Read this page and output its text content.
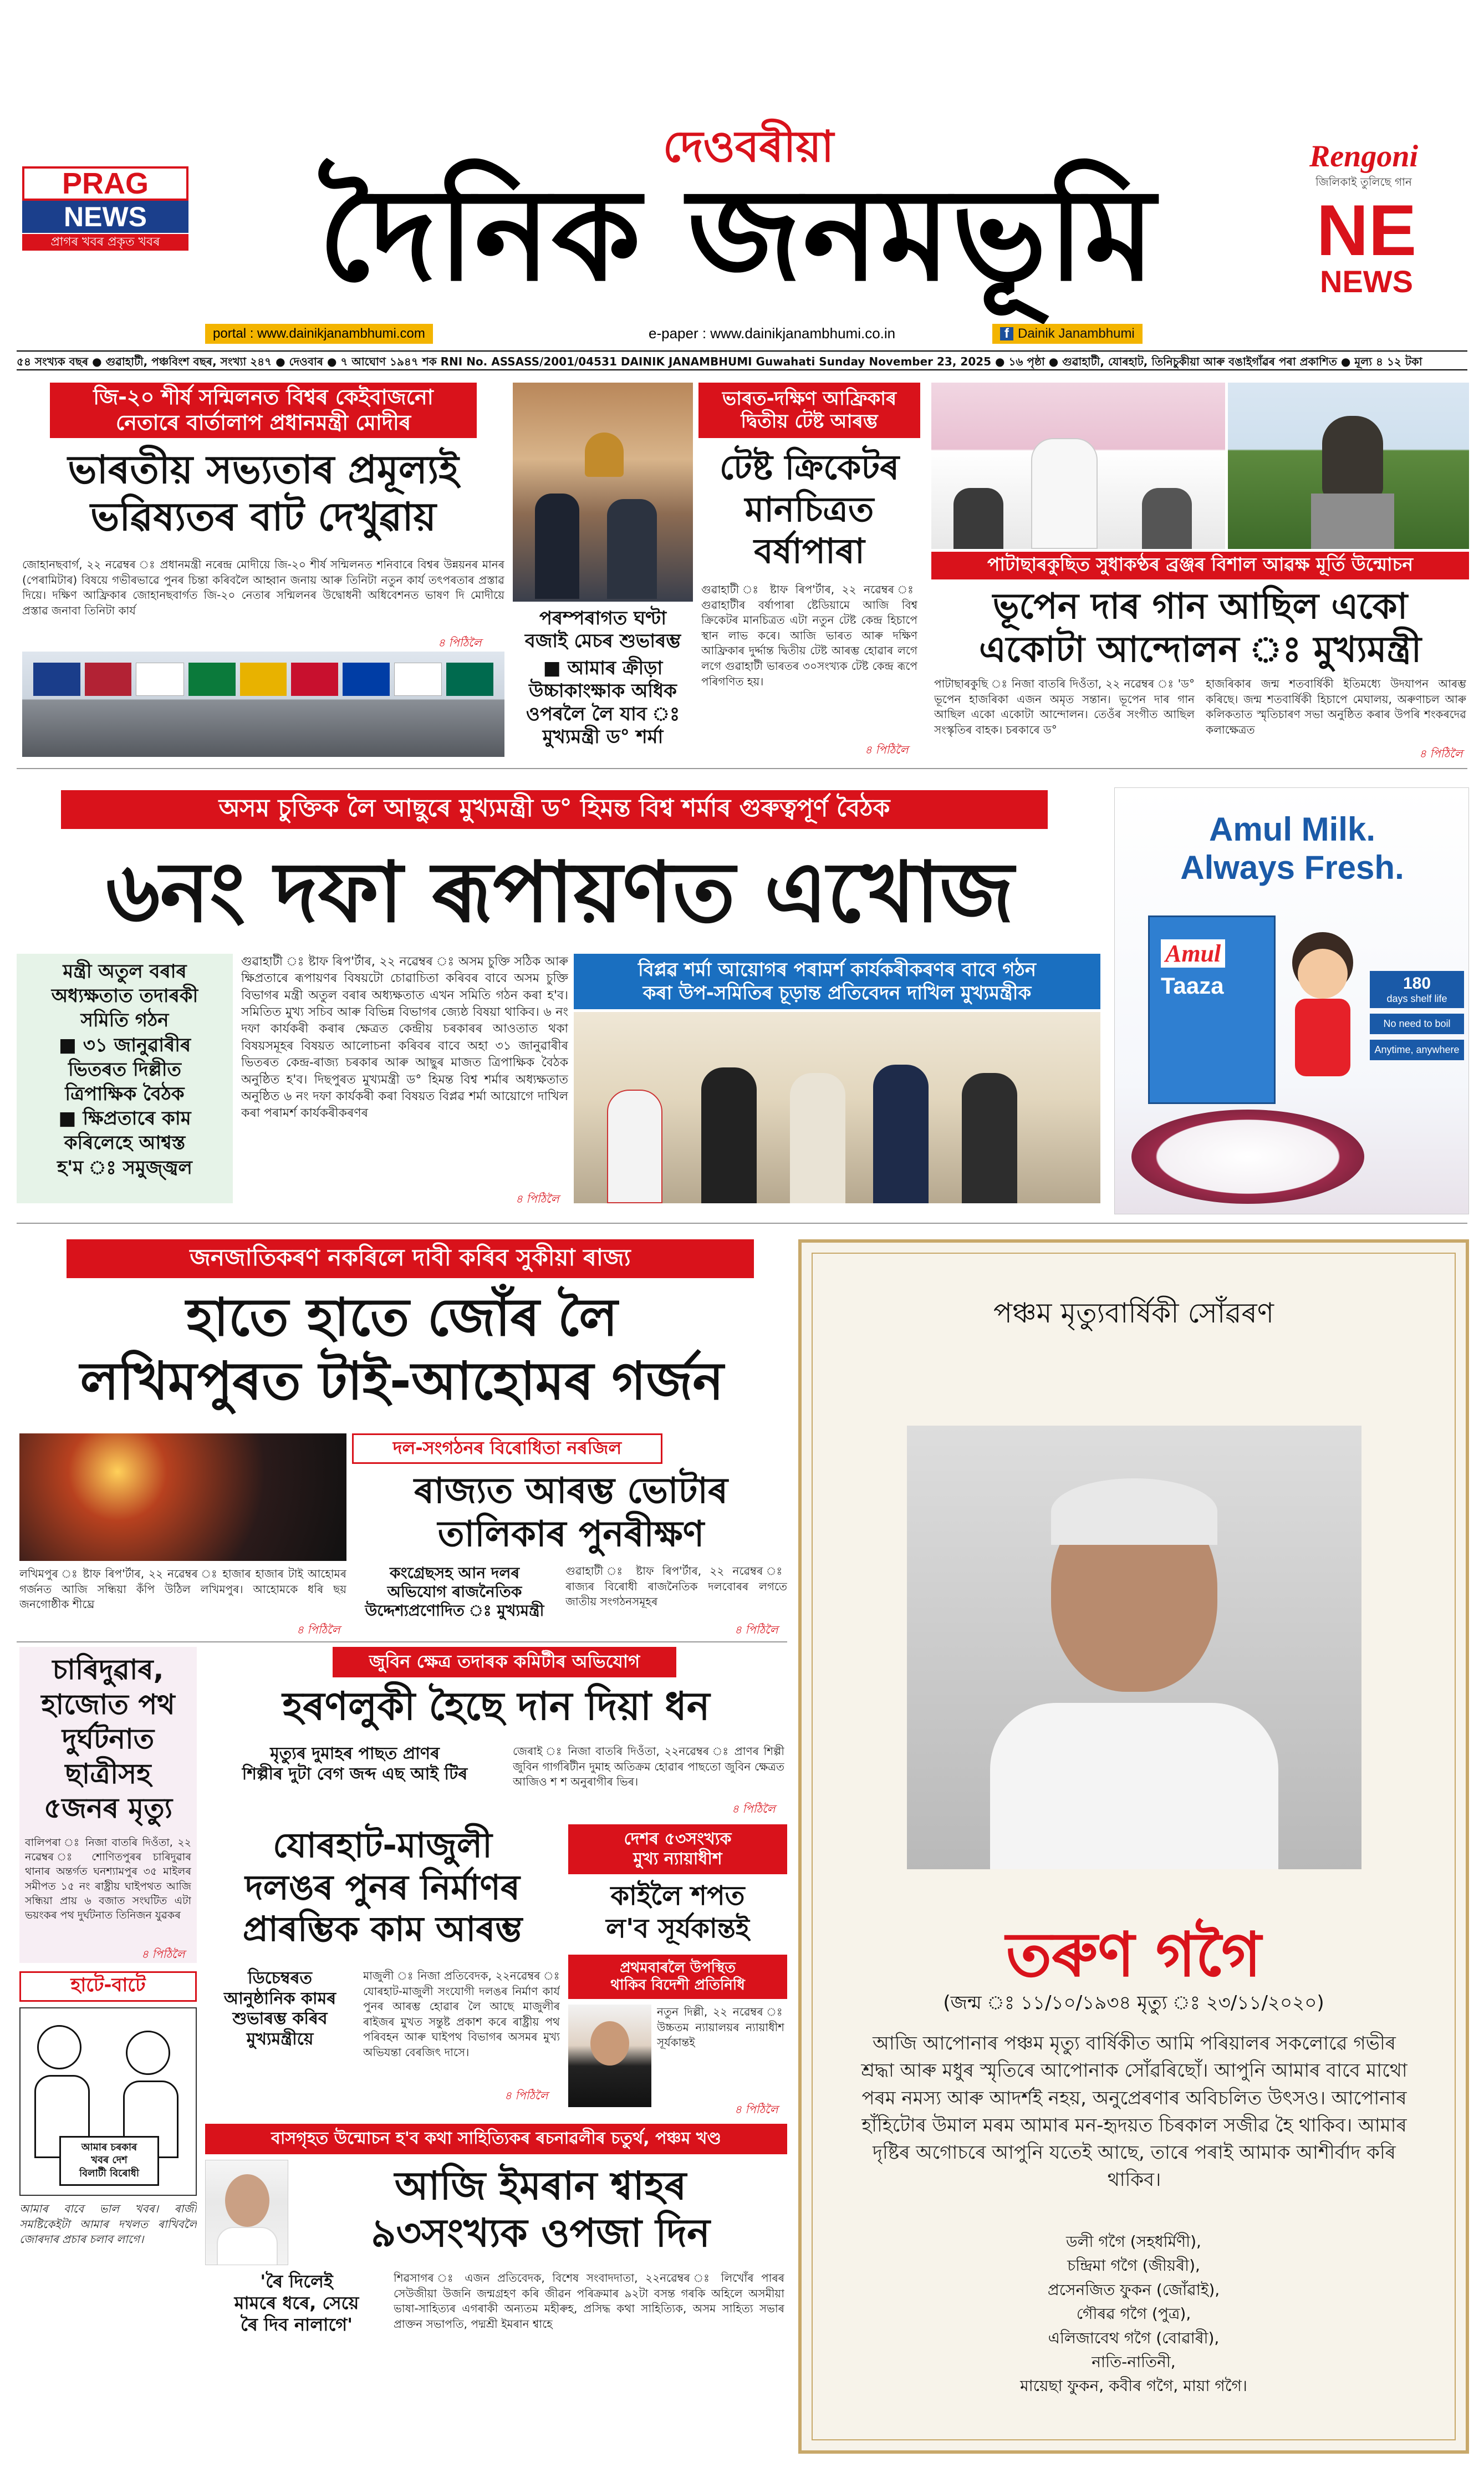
PRAG
NEWS
প্ৰাগৰ খবৰ প্ৰকৃত খবৰ
দেওবৰীয়া
দৈনিক জনমভূমি
Rengoni
জিলিকাই তুলিছে গান
NE
NEWS
portal : www.dainikjanambhumi.com	e-paper : www.dainikjanambhumi.co.in	f Dainik Janambhumi
৫৪ সংখ্যক বছৰ ● গুৱাহাটী, পঞ্চবিংশ বছৰ, সংখ্যা ২৪৭ ● দেওবাৰ ● ৭ আঘোণ ১৯৪৭ শক RNI No. ASSASS/2001/04531 DAINIK JANAMBHUMI Guwahati Sunday November 23, 2025 ● ১৬ পৃষ্ঠা ● গুৱাহাটী, যোৰহাট, তিনিচুকীয়া আৰু বঙাইগাঁৱৰ পৰা প্ৰকাশিত ● মূল্য ৪ ১২ টকা
জি-২০ শীৰ্ষ সন্মিলনত বিশ্বৰ কেইবাজনো
নেতাৰে বাৰ্তালাপ প্ৰধানমন্ত্ৰী মোদীৰ
ভাৰতীয় সভ্যতাৰ প্ৰমূল্যই
ভৱিষ্যতৰ বাট দেখুৱায়
জোহানছবাৰ্গ, ২২ নৱেম্বৰ ঃ প্ৰধানমন্ত্ৰী নৰেন্দ্ৰ মোদীয়ে জি-২০ শীৰ্ষ সন্মিলনত শনিবাৰে বিশ্বৰ উন্নয়নৰ মানৰ (পেৰামিটাৰ) বিষয়ে গভীৰভাৱে পুনৰ চিন্তা কৰিবলৈ আহ্বান জনায় আৰু তিনিটা নতুন কাৰ্য তৎপৰতাৰ প্ৰস্তাৱ দিয়ে। দক্ষিণ আফ্ৰিকাৰ জোহানছবাৰ্গত জি-২০ নেতাৰ সন্মিলনৰ উদ্বোধনী অধিবেশনত ভাষণ দি মোদীয়ে প্ৰস্তাৱ জনাবা তিনিটা কাৰ্য
৪ পিঠিলৈ
পৰম্পৰাগত ঘণ্টা
বজাই মেচৰ শুভাৰম্ভ
■ আমাৰ ক্ৰীড়া
উচ্চাকাংক্ষাক অধিক
ওপৰলৈ লৈ যাব ঃ
মুখ্যমন্ত্ৰী ড° শৰ্মা
ভাৰত-দক্ষিণ আফ্ৰিকাৰ
দ্বিতীয় টেষ্ট আৰম্ভ
টেষ্ট ক্ৰিকেটৰ
মানচিত্ৰত
বৰ্ষাপাৰা
গুৱাহাটী ঃ ষ্টাফ ৰিপ'ৰ্টাৰ, ২২ নৱেম্বৰ ঃ গুৱাহাটীৰ বৰ্ষাপাৰা ষ্টেডিয়ামে আজি বিশ্ব ক্ৰিকেটৰ মানচিত্ৰত এটা নতুন টেষ্ট কেন্দ্ৰ হিচাপে স্থান লাভ কৰে। আজি ভাৰত আৰু দক্ষিণ আফ্ৰিকাৰ দুৰ্দ্দান্ত দ্বিতীয় টেষ্ট আৰম্ভ হোৱাৰ লগে লগে গুৱাহাটী ভাৰতৰ ৩০সংখ্যক টেষ্ট কেন্দ্ৰ ৰূপে পৰিগণিত হয়।
৪ পিঠিলৈ
পাটাছাৰকুছিত সুধাকণ্ঠৰ ব্ৰঞ্জৰ বিশাল আৱক্ষ মূৰ্তি উন্মোচন
ভূপেন দাৰ গান আছিল একো
একোটা আন্দোলন ঃ মুখ্যমন্ত্ৰী
পাটাছাৰকুছি ঃ নিজা বাতৰি দিওঁতা, ২২ নৱেম্বৰ ঃ 'ড° ভূপেন হাজৰিকা এজন অমৃত সন্তান। ভূপেন দাৰ গান আছিল একো একোটা আন্দোলন। তেওঁৰ সংগীত আছিল সংস্কৃতিৰ বাহক। চৰকাৰে ড°
হাজৰিকাৰ জন্ম শতবাৰ্ষিকী ইতিমধ্যে উদযাপন আৰম্ভ কৰিছে। জন্ম শতবাৰ্ষিকী হিচাপে মেঘালয়, অৰুণাচল আৰু কলিকতাত স্মৃতিচাৰণ সভা অনুষ্ঠিত কৰাৰ উপৰি শংকৰদেৱ কলাক্ষেত্ৰত
৪ পিঠিলৈ
অসম চুক্তিক লৈ আছুৰে মুখ্যমন্ত্ৰী ড° হিমন্ত বিশ্ব শৰ্মাৰ গুৰুত্বপূৰ্ণ বৈঠক
৬নং দফা ৰূপায়ণত এখোজ
মন্ত্ৰী অতুল বৰাৰ
অধ্যক্ষতাত তদাৰকী
সমিতি গঠন
■ ৩১ জানুৱাৰীৰ
ভিতৰত দিল্লীত
ত্ৰিপাক্ষিক বৈঠক
■ ক্ষিপ্ৰতাৰে কাম
কৰিলেহে আশ্বস্ত
হ'ম ঃ সমুজ্জ্বল
গুৱাহাটী ঃ ষ্টাফ ৰিপ'ৰ্টাৰ, ২২ নৱেম্বৰ ঃ অসম চুক্তি সঠিক আৰু ক্ষিপ্ৰতাৰে ৰূপায়ণৰ বিষয়টো চোৱাচিতা কৰিবৰ বাবে অসম চুক্তি বিভাগৰ মন্ত্ৰী অতুল বৰাৰ অধ্যক্ষতাত এখন সমিতি গঠন কৰা হ'ব। সমিতিত মুখ্য সচিব আৰু বিভিন্ন বিভাগৰ জ্যেষ্ঠ বিষয়া থাকিব। ৬ নং দফা কাৰ্যকৰী কৰাৰ ক্ষেত্ৰত কেন্দ্ৰীয় চৰকাৰৰ আওতাত থকা বিষয়সমূহৰ বিষয়ত আলোচনা কৰিবৰ বাবে অহা ৩১ জানুৱাৰীৰ ভিতৰত কেন্দ্ৰ-ৰাজ্য চৰকাৰ আৰু আছুৰ মাজত ত্ৰিপাক্ষিক বৈঠক অনুষ্ঠিত হ'ব। দিছপুৰত মুখ্যমন্ত্ৰী ড° হিমন্ত বিশ্ব শৰ্মাৰ অধ্যক্ষতাত অনুষ্ঠিত ৬ নং দফা কাৰ্যকৰী কৰা বিষয়ত বিপ্লৱ শৰ্মা আয়োগে দাখিল কৰা পৰামৰ্শ কাৰ্যকৰীকৰণৰ
৪ পিঠিলৈ
বিপ্লৱ শৰ্মা আয়োগৰ পৰামৰ্শ কাৰ্যকৰীকৰণৰ বাবে গঠন
কৰা উপ-সমিতিৰ চূড়ান্ত প্ৰতিবেদন দাখিল মুখ্যমন্ত্ৰীক
Amul Milk.
Always Fresh.
Amul
Taaza	180
days shelf life
No need to boil
Anytime, anywhere
জনজাতিকৰণ নকৰিলে দাবী কৰিব সুকীয়া ৰাজ্য
হাতে হাতে জোঁৰ লৈ
লখিমপুৰত টাই-আহোমৰ গৰ্জন
লখিমপুৰ ঃ ষ্টাফ ৰিপ'ৰ্টাৰ, ২২ নৱেম্বৰ ঃ হাজাৰ হাজাৰ টাই আহোমৰ গৰ্জনত আজি সন্ধিয়া কঁপি উঠিল লখিমপুৰ। আহোমকে ধৰি ছয় জনগোষ্ঠীক শীঘ্ৰে
৪ পিঠিলৈ
দল-সংগঠনৰ বিৰোধিতা নৰজিল
ৰাজ্যত আৰম্ভ ভোটাৰ
তালিকাৰ পুনৰীক্ষণ
কংগ্ৰেছসহ আন দলৰ
অভিযোগ ৰাজনৈতিক
উদ্দেশ্যপ্ৰণোদিত ঃ মুখ্যমন্ত্ৰী
গুৱাহাটী ঃ ষ্টাফ ৰিপ'ৰ্টাৰ, ২২ নৱেম্বৰ ঃ ৰাজ্যৰ বিৰোধী ৰাজনৈতিক দলবোৰৰ লগতে জাতীয় সংগঠনসমূহৰ
৪ পিঠিলৈ
চাৰিদুৱাৰ,
হাজোত পথ
দুৰ্ঘটনাত
ছাত্ৰীসহ
৫জনৰ মৃত্যু
বালিপৰা ঃ নিজা বাতৰি দিওঁতা, ২২ নৱেম্বৰ ঃ শোণিতপুৰৰ চাৰিদুৱাৰ থানাৰ অন্তৰ্গত ঘনশ্যামপুৰ ৩৫ মাইলৰ সমীপত ১৫ নং ৰাষ্ট্ৰীয় ঘাইপথত আজি সন্ধিয়া প্ৰায় ৬ বজাত সংঘটিত এটা ভয়ংকৰ পথ দুৰ্ঘটনাত তিনিজন যুৱকৰ
৪ পিঠিলৈ
জুবিন ক্ষেত্ৰ তদাৰক কমিটীৰ অভিযোগ
হৰণলুকী হৈছে দান দিয়া ধন
মৃত্যুৰ দুমাহৰ পাছত প্ৰাণৰ
শিল্পীৰ দুটা বেগ জব্দ এছ আই টিৰ
জেৰাই ঃ নিজা বাতৰি দিওঁতা, ২২নৱেম্বৰ ঃ প্ৰাণৰ শিল্পী জুবিন গাৰ্গৰিটীন দুমাহ অতিক্ৰম হোৱাৰ পাছতো জুবিন ক্ষেত্ৰত আজিও শ শ অনুৰাগীৰ ভিৰ।
৪ পিঠিলৈ
যোৰহাট-মাজুলী
দলঙৰ পুনৰ নিৰ্মাণৰ
প্ৰাৰম্ভিক কাম আৰম্ভ
ডিচেম্বৰত
আনুষ্ঠানিক কামৰ
শুভাৰম্ভ কৰিব
মুখ্যমন্ত্ৰীয়ে
মাজুলী ঃ নিজা প্ৰতিবেদক, ২২নৱেম্বৰ ঃ যোৰহাট-মাজুলী সংযোগী দলঙৰ নিৰ্মাণ কাৰ্য পুনৰ আৰম্ভ হোৱাৰ লৈ আছে মাজুলীৰ ৰাইজৰ মুখত সন্তুষ্ট প্ৰকাশ কৰে ৰাষ্ট্ৰীয় পথ পৰিবহন আৰু ঘাইপথ বিভাগৰ অসমৰ মুখ্য অভিযন্তা বেৰজিৎ দাসে।
৪ পিঠিলৈ
দেশৰ ৫৩সংখ্যক
মুখ্য ন্যায়াধীশ
কাইলৈ শপত
ল'ব সূৰ্যকান্তই
প্ৰথমবাৰলৈ উপস্থিত
থাকিব বিদেশী প্ৰতিনিধি
নতুন দিল্লী, ২২ নৱেম্বৰ ঃ উচ্চতম ন্যায়ালয়ৰ ন্যায়াধীশ সূৰ্যকান্তই
৪ পিঠিলৈ
হাটে-বাটে
আমাৰ চৰকাৰ
খবৰ দেশ
বিলাটী বিৰোধী
আমাৰ বাবে ভাল খবৰ। ৰাজী সমষ্টিকেইটা আমাৰ দখলত ৰাখিবলৈ জোৰদাৰ প্ৰচাৰ চলাব লাগে।
বাসগৃহত উন্মোচন হ'ব কথা সাহিত্যিকৰ ৰচনাৱলীৰ চতুৰ্থ, পঞ্চম খণ্ড
আজি ইমৰান শ্বাহৰ
৯৩সংখ্যক ওপজা দিন
'ৰৈ দিলেই
মামৰে ধৰে, সেয়ে
ৰৈ দিব নালাগে'
শিৱসাগৰ ঃ এজন প্ৰতিবেদক, বিশেষ সংবাদদাতা, ২২নৱেম্বৰ ঃ লিখোঁৰ পাৰৰ সেউজীয়া উজনি জন্মগ্ৰহণ কৰি জীৱন পৰিক্ৰমাৰ ৯২টা বসন্ত গৰকি অহিলে অসমীয়া ভাষা-সাহিত্যৰ এগৰাকী অন্যতম মহীৰুহ, প্ৰসিদ্ধ কথা সাহিত্যিক, অসম সাহিত্য সভাৰ প্ৰাক্তন সভাপতি, পদ্মশ্ৰী ইমৰান শ্বাহে
পঞ্চম মৃত্যুবাৰ্ষিকী সোঁৱৰণ
তৰুণ গগৈ
(জন্ম ঃ ১১/১০/১৯৩৪ মৃত্যু ঃ ২৩/১১/২০২০)
আজি আপোনাৰ পঞ্চম মৃত্যু বাৰ্ষিকীত আমি পৰিয়ালৰ সকলোৱে গভীৰ শ্ৰদ্ধা আৰু মধুৰ স্মৃতিৰে আপোনাক সোঁৱৰিছোঁ। আপুনি আমাৰ বাবে মাথো পৰম নমস্য আৰু আদৰ্শই নহয়, অনুপ্ৰেৰণাৰ অবিচলিত উৎসও। আপোনাৰ হাঁহিটোৰ উমাল মৰম আমাৰ মন-হৃদয়ত চিৰকাল সজীৱ হৈ থাকিব। আমাৰ দৃষ্টিৰ অগোচৰে আপুনি যতেই আছে, তাৰে পৰাই আমাক আশীৰ্বাদ কৰি থাকিব।
ডলী গগৈ (সহধৰ্মিণী),
চন্দ্ৰিমা গগৈ (জীয়ৰী),
প্ৰসেনজিত ফুকন (জোঁৱাই),
গৌৰৱ গগৈ (পুত্ৰ),
এলিজাবেথ গগৈ (বোৱাৰী),
নাতি-নাতিনী,
মায়েছা ফুকন, কবীৰ গগৈ, মায়া গগৈ।
